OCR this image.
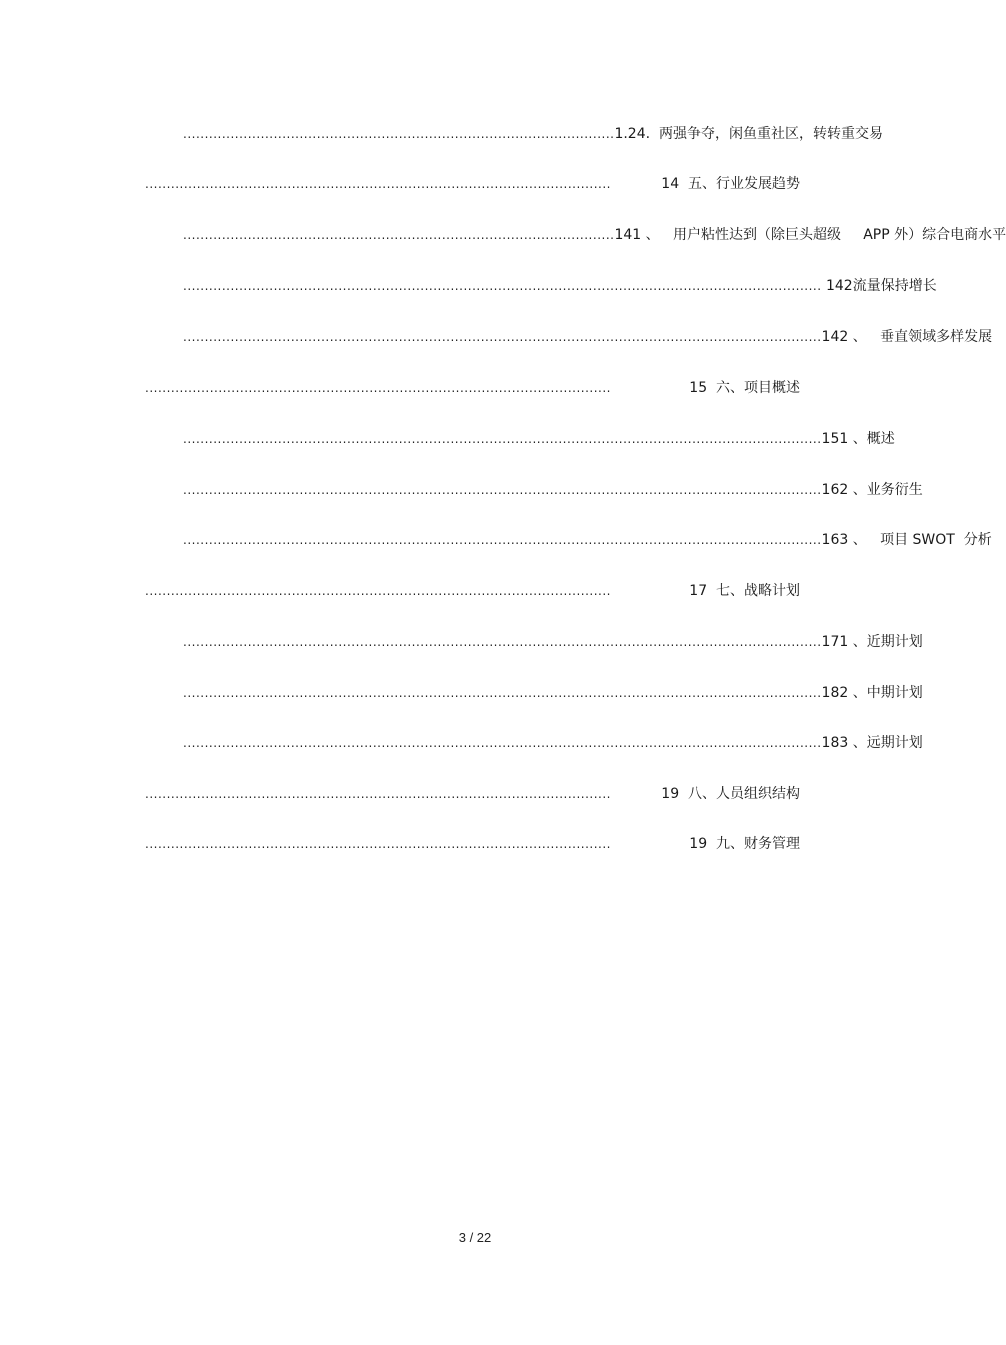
.................................................................................................... 1.24.  两强争夺，闲鱼重社区，转转重交易
............................................................................................................ 14  五、行业发展趋势
.................................................................................................... 141 、   用户粘性达到（除巨头超级     APP 外）综合电商水平
.................................................................................................................................................... 142流量保持增长
.................................................................................................................................................... 142 、   垂直领域多样发展
............................................................................................................	15  六、项目概述
.................................................................................................................................................... 151 、概述
.................................................................................................................................................... 162 、业务衍生
.................................................................................................................................................... 163 、   项目 SWOT  分析
............................................................................................................	17  七、战略计划
.................................................................................................................................................... 171 、近期计划
.................................................................................................................................................... 182 、中期计划
.................................................................................................................................................... 183 、远期计划
............................................................................................................ 19  八、人员组织结构
............................................................................................................	19  九、财务管理
3 / 22
